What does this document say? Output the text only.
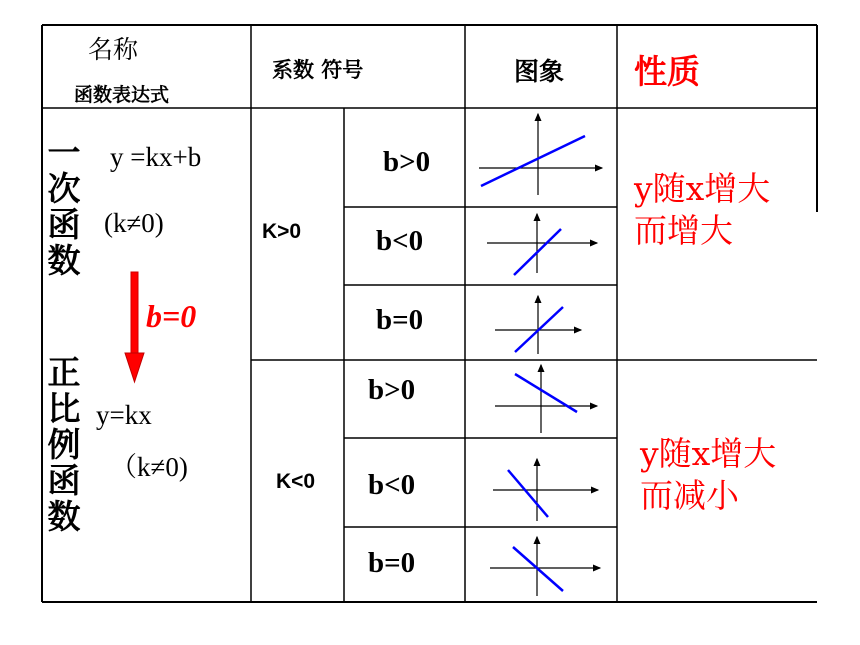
名称
函数表达式
系数 符号	图象 性质
一
次
函
数
正
比
例
函
数
y =kx+b
(k≠0)
b=0
y=kx
（k≠0)
K>0
K<0
b>0
b<0
b=0
b>0
b<0
b=0
y随x增大
而增大
y随x增大
而减小
